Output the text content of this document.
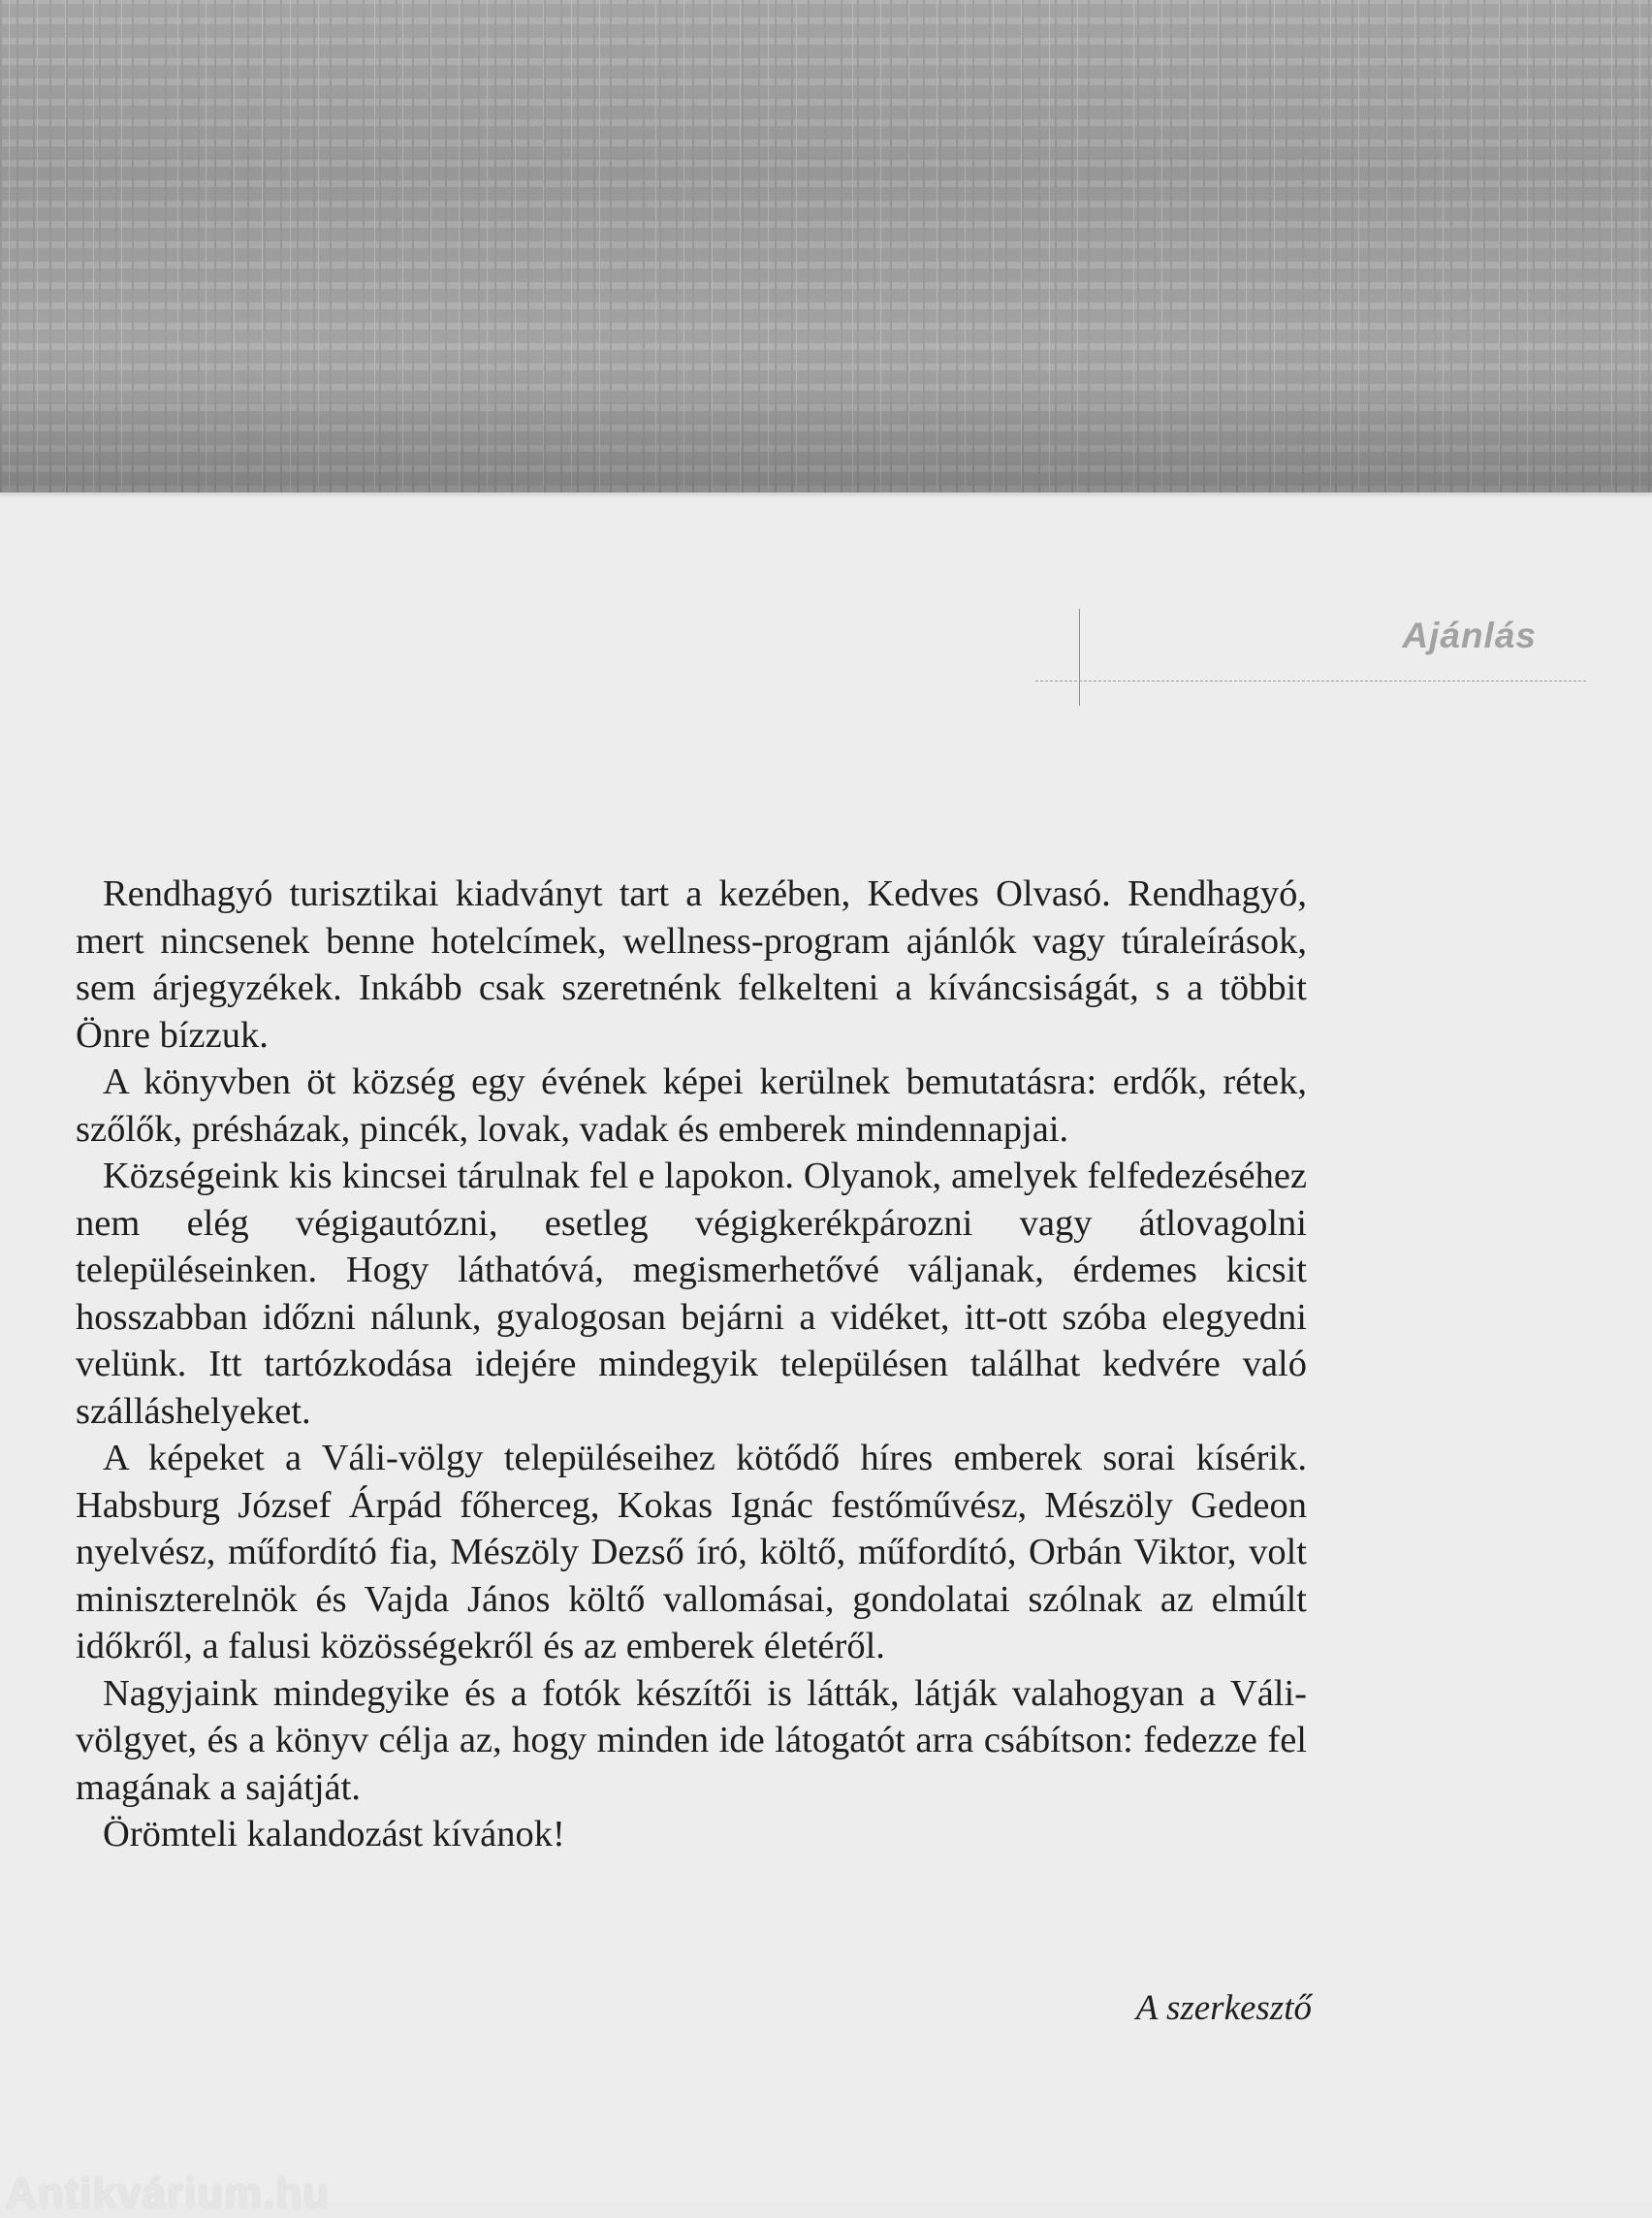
Ajánlás

Rendhagyó turisztikai kiadványt tart a kezében, Kedves Olvasó. Rendhagyó, mert nincsenek benne hotelcímek, wellness-program ajánlók vagy túraleírások, sem árjegyzékek. Inkább csak szeretnénk felkelteni a kíváncsiságát, s a többit Önre bízzuk.

A könyvben öt község egy évének képei kerülnek bemutatásra: erdők, rétek, szőlők, présházak, pincék, lovak, vadak és emberek mindennapjai.

Községeink kis kincsei tárulnak fel e lapokon. Olyanok, amelyek felfedezéséhez nem elég végigautózni, esetleg végigkerékpározni vagy átlovagolni településeinken. Hogy láthatóvá, megismerhetővé váljanak, érdemes kicsit hosszabban időzni nálunk, gyalogosan bejárni a vidéket, itt-ott szóba elegyedni velünk. Itt tartózkodása idejére mindegyik településen találhat kedvére való szálláshelyeket.

A képeket a Váli-völgy településeihez kötődő híres emberek sorai kísérik. Habsburg József Árpád főherceg, Kokas Ignác festőművész, Mészöly Gedeon nyelvész, műfordító fia, Mészöly Dezső író, költő, műfordító, Orbán Viktor, volt miniszterelnök és Vajda János költő vallomásai, gondolatai szólnak az elmúlt időkről, a falusi közösségekről és az emberek életéről.

Nagyjaink mindegyike és a fotók készítői is látták, látják valahogyan a Váli-völgyet, és a könyv célja az, hogy minden ide látogatót arra csábítson: fedezze fel magának a sajátját.

Örömteli kalandozást kívánok!

A szerkesztő

Antikvárium.hu
